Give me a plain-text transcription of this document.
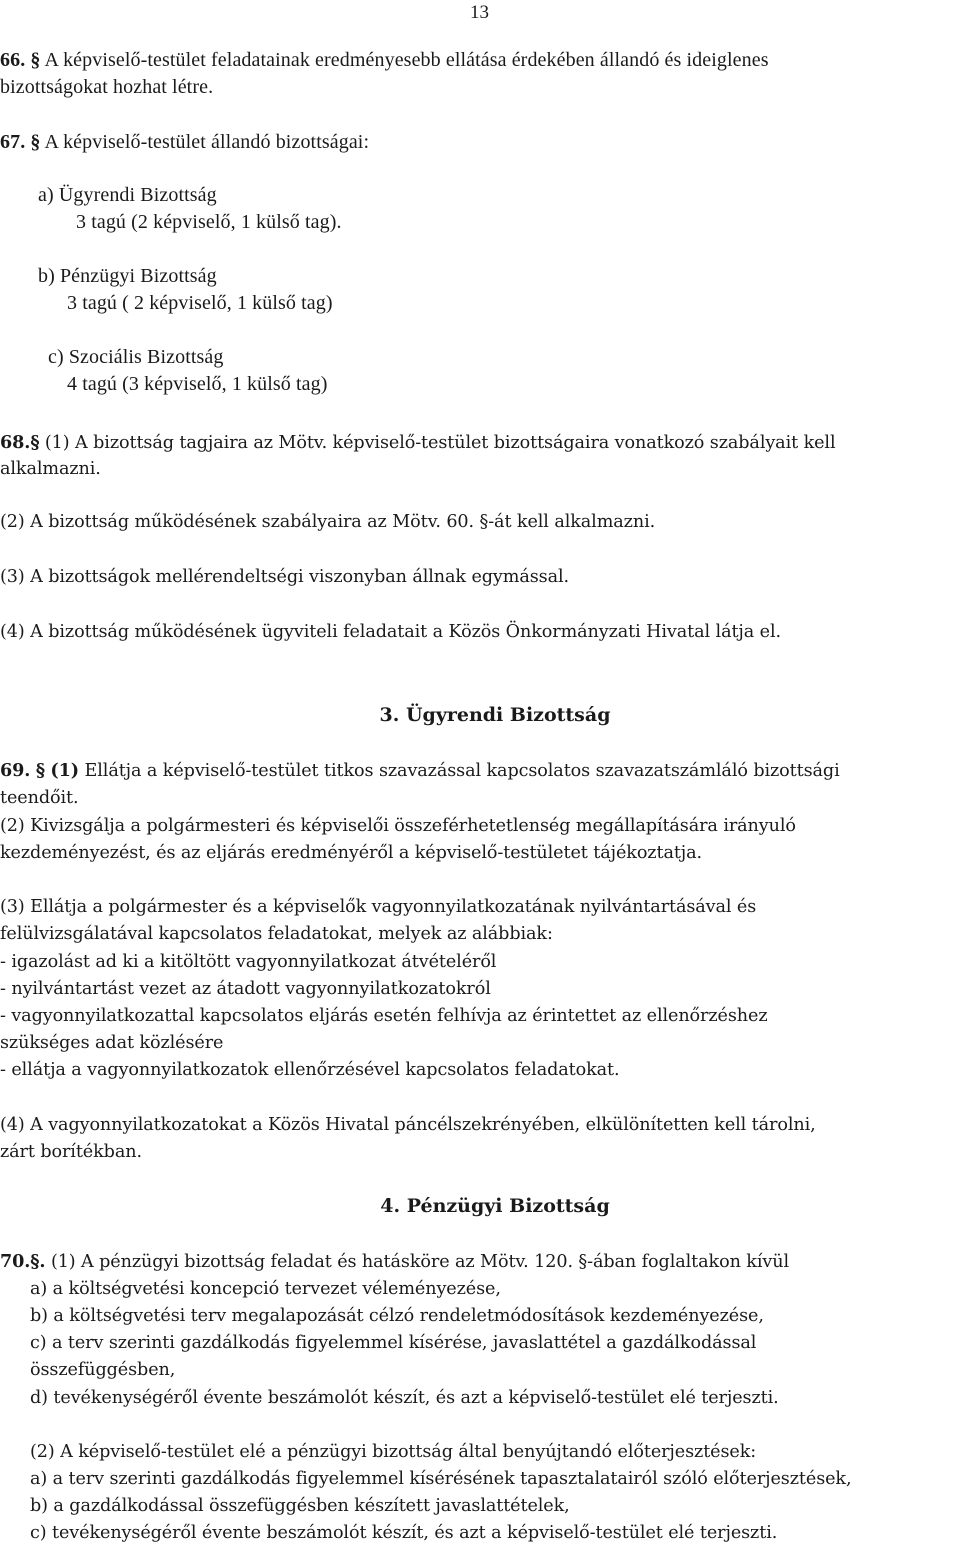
13
66. § A képviselő-testület feladatainak eredményesebb ellátása érdekében állandó és ideiglenes
bizottságokat hozhat létre.
67. § A képviselő-testület állandó bizottságai:
a) Ügyrendi Bizottság
3 tagú (2 képviselő, 1 külső tag).
b) Pénzügyi Bizottság
3 tagú ( 2 képviselő, 1 külső tag)
c) Szociális Bizottság
4 tagú (3 képviselő, 1 külső tag)
68.§ (1) A bizottság tagjaira az Mötv. képviselő-testület bizottságaira vonatkozó szabályait kell
alkalmazni.
(2) A bizottság működésének szabályaira az Mötv. 60. §-át kell alkalmazni.
(3) A bizottságok mellérendeltségi viszonyban állnak egymással.
(4) A bizottság működésének ügyviteli feladatait a Közös Önkormányzati Hivatal látja el.
3. Ügyrendi Bizottság
69. § (1) Ellátja a képviselő-testület titkos szavazással kapcsolatos szavazatszámláló bizottsági
teendőit.
(2) Kivizsgálja a polgármesteri és képviselői összeférhetetlenség megállapítására irányuló
kezdeményezést, és az eljárás eredményéről a képviselő-testületet tájékoztatja.
(3) Ellátja a polgármester és a képviselők vagyonnyilatkozatának nyilvántartásával és
felülvizsgálatával kapcsolatos feladatokat, melyek az alábbiak:
- igazolást ad ki a kitöltött vagyonnyilatkozat átvételéről
- nyilvántartást vezet az átadott vagyonnyilatkozatokról
- vagyonnyilatkozattal kapcsolatos eljárás esetén felhívja az érintettet az ellenőrzéshez
szükséges adat közlésére
- ellátja a vagyonnyilatkozatok ellenőrzésével kapcsolatos feladatokat.
(4) A vagyonnyilatkozatokat a Közös Hivatal páncélszekrényében, elkülönítetten kell tárolni,
zárt borítékban.
4. Pénzügyi Bizottság
70.§. (1) A pénzügyi bizottság feladat és hatásköre az Mötv. 120. §-ában foglaltakon kívül
a) a költségvetési koncepció tervezet véleményezése,
b) a költségvetési terv megalapozását célzó rendeletmódosítások kezdeményezése,
c) a terv szerinti gazdálkodás figyelemmel kísérése, javaslattétel a gazdálkodással
összefüggésben,
d) tevékenységéről évente beszámolót készít, és azt a képviselő-testület elé terjeszti.
(2) A képviselő-testület elé a pénzügyi bizottság által benyújtandó előterjesztések:
a) a terv szerinti gazdálkodás figyelemmel kísérésének tapasztalatairól szóló előterjesztések,
b) a gazdálkodással összefüggésben készített javaslattételek,
c) tevékenységéről évente beszámolót készít, és azt a képviselő-testület elé terjeszti.
